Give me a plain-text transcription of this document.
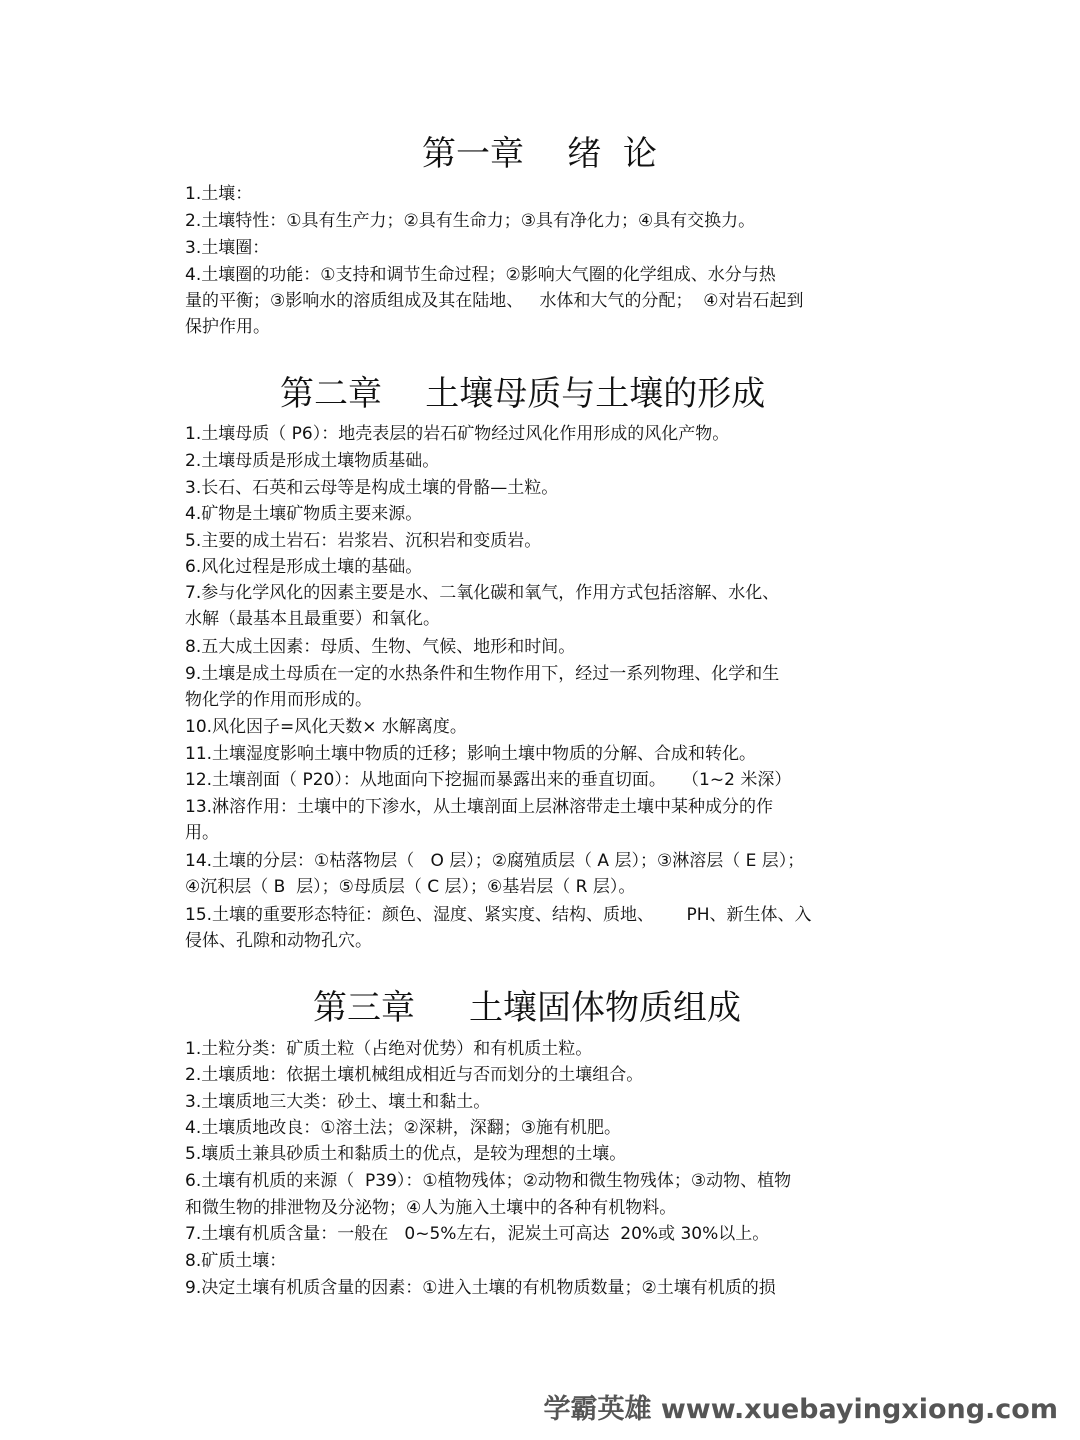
第一章    绪  论

1.土壤：

2.土壤特性：①具有生产力；②具有生命力；③具有净化力；④具有交换力。

3.土壤圈：

4.土壤圈的功能：①支持和调节生命过程；②影响大气圈的化学组成、水分与热

量的平衡；③影响水的溶质组成及其在陆地、   水体和大气的分配；  ④对岩石起到

保护作用。

第二章    土壤母质与土壤的形成

1.土壤母质（ P6）：地壳表层的岩石矿物经过风化作用形成的风化产物。

2.土壤母质是形成土壤物质基础。

3.长石、石英和云母等是构成土壤的骨骼—土粒。

4.矿物是土壤矿物质主要来源。

5.主要的成土岩石：岩浆岩、沉积岩和变质岩。

6.风化过程是形成土壤的基础。

7.参与化学风化的因素主要是水、二氧化碳和氧气，作用方式包括溶解、水化、

水解（最基本且最重要）和氧化。

8.五大成土因素：母质、生物、气候、地形和时间。

9.土壤是成土母质在一定的水热条件和生物作用下，经过一系列物理、化学和生

物化学的作用而形成的。

10.风化因子=风化天数× 水解离度。

11.土壤湿度影响土壤中物质的迁移；影响土壤中物质的分解、合成和转化。

12.土壤剖面（ P20）：从地面向下挖掘而暴露出来的垂直切面。   （1~2 米深）

13.淋溶作用：土壤中的下渗水，从土壤剖面上层淋溶带走土壤中某种成分的作

用。

14.土壤的分层：①枯落物层（   O 层）；②腐殖质层（ A 层）；③淋溶层（ E 层）；

④沉积层（ B  层）；⑤母质层（ C 层）；⑥基岩层（ R 层）。

15.土壤的重要形态特征：颜色、湿度、紧实度、结构、质地、      PH、新生体、入

侵体、孔隙和动物孔穴。

第三章     土壤固体物质组成

1.土粒分类：矿质土粒（占绝对优势）和有机质土粒。

2.土壤质地：依据土壤机械组成相近与否而划分的土壤组合。

3.土壤质地三大类：砂土、壤土和黏土。

4.土壤质地改良：①溶土法；②深耕，深翻；③施有机肥。

5.壤质土兼具砂质土和黏质土的优点，是较为理想的土壤。

6.土壤有机质的来源（  P39）：①植物残体；②动物和微生物残体；③动物、植物

和微生物的排泄物及分泌物；④人为施入土壤中的各种有机物料。

7.土壤有机质含量：一般在   0~5%左右，泥炭土可高达  20%或 30%以上。

8.矿质土壤：

9.决定土壤有机质含量的因素：①进入土壤的有机物质数量；②土壤有机质的损

学霸英雄 www.xuebayingxiong.com
